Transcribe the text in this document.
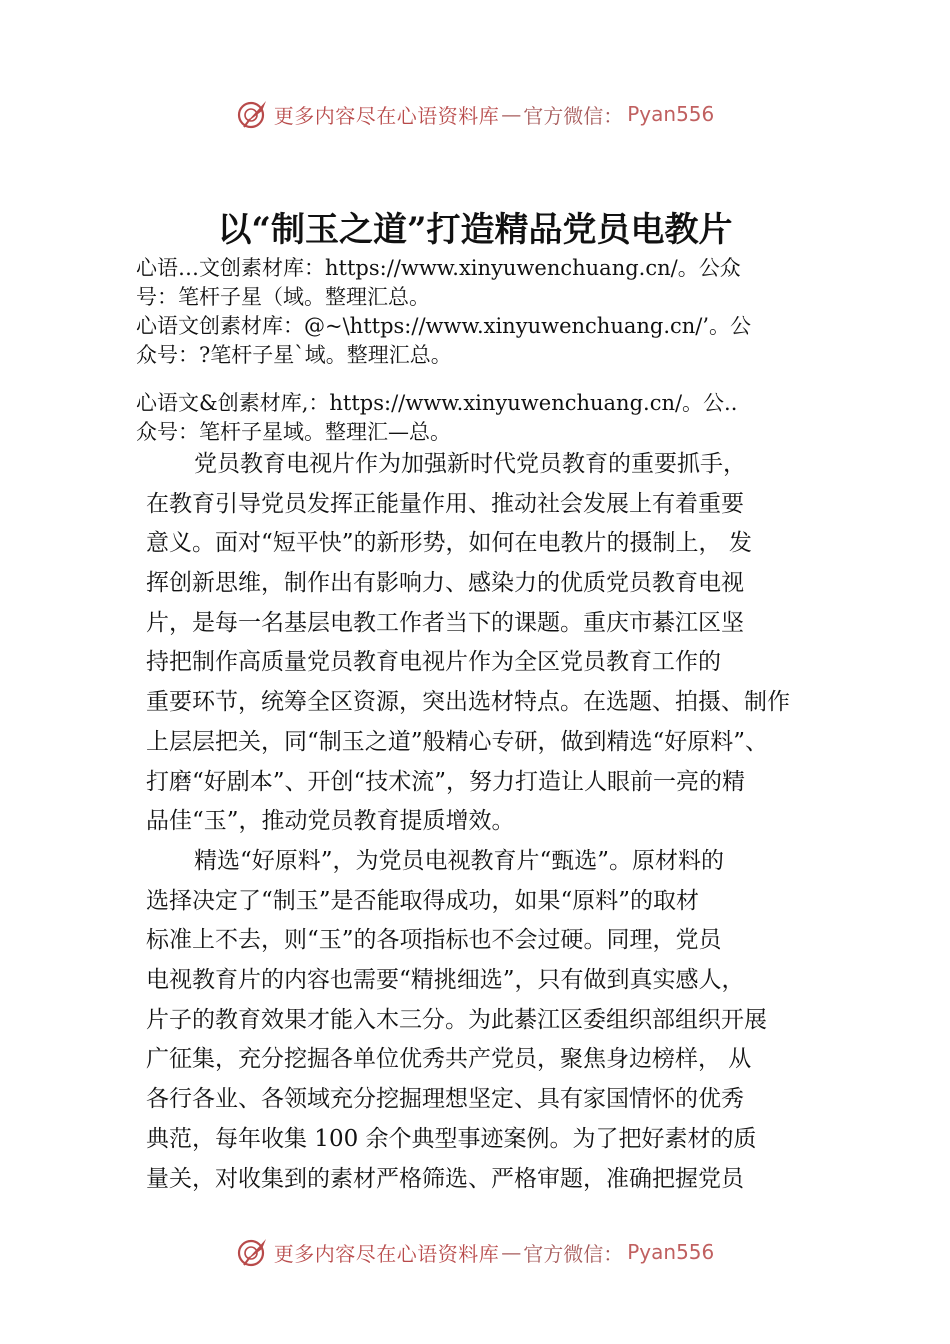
更多内容尽在心语资料库 — 官方微信： Pyan556
以“制玉之道”打造精品党员电教片
心语…文创素材库：https://www.xinyuwenchuang.cn/。公众
号：笔杆子星（域。整理汇总。
心语文创素材库：@~\https://www.xinyuwenchuang.cn/’。公
众号：?笔杆子星`域。整理汇总。
心语文&创素材库,：https://www.xinyuwenchuang.cn/。公..
众号：笔杆子星域。整理汇—总。
党员教育电视片作为加强新时代党员教育的重要抓手，
在教育引导党员发挥正能量作用、推动社会发展上有着重要
意义。面对“短平快”的新形势，如何在电教片的摄制上， 发
挥创新思维，制作出有影响力、感染力的优质党员教育电视
片，是每一名基层电教工作者当下的课题。重庆市綦江区坚
持把制作高质量党员教育电视片作为全区党员教育工作的
重要环节，统筹全区资源，突出选材特点。在选题、拍摄、制作
上层层把关，同“制玉之道”般精心专研，做到精选“好原料”、
打磨“好剧本”、开创“技术流”，努力打造让人眼前一亮的精
品佳“玉”，推动党员教育提质增效。
精选“好原料”，为党员电视教育片“甄选”。原材料的
选择决定了“制玉”是否能取得成功，如果“原料”的取材
标准上不去，则“玉”的各项指标也不会过硬。同理，党员
电视教育片的内容也需要“精挑细选”，只有做到真实感人，
片子的教育效果才能入木三分。为此綦江区委组织部组织开展
广征集，充分挖掘各单位优秀共产党员，聚焦身边榜样， 从
各行各业、各领域充分挖掘理想坚定、具有家国情怀的优秀
典范，每年收集 100 余个典型事迹案例。为了把好素材的质
量关，对收集到的素材严格筛选、严格审题，准确把握党员
更多内容尽在心语资料库 — 官方微信： Pyan556
